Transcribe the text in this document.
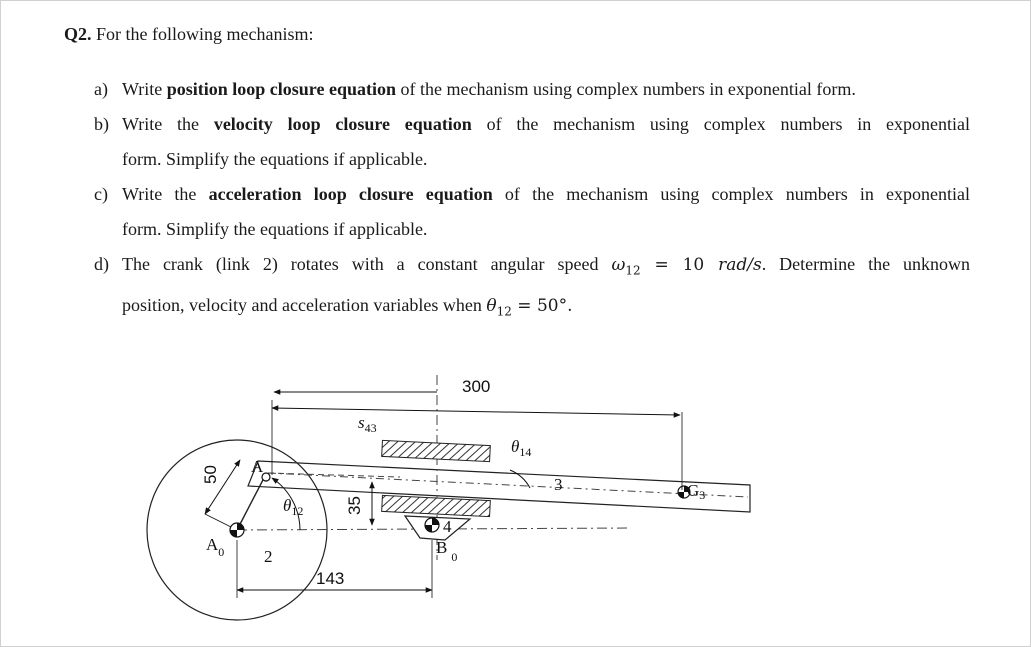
Q2. For the following mechanism:
a) Write position loop closure equation of the mechanism using complex numbers in exponential form.
b) Write the velocity loop closure equation of the mechanism using complex numbers in exponential
form. Simplify the equations if applicable.
c) Write the acceleration loop closure equation of the mechanism using complex numbers in exponential
form. Simplify the equations if applicable.
d) The crank (link 2) rotates with a constant angular speed $\omega_{12} = 10$ rad/s. Determine the unknown
position, velocity and acceleration variables when $\theta_{12} = 50^\circ$.
300
$s_{43}$
$\theta_{14}$
$\theta_{12}$
A
$A_0$	B $_0$
2
3
4
G3
143
35
50
